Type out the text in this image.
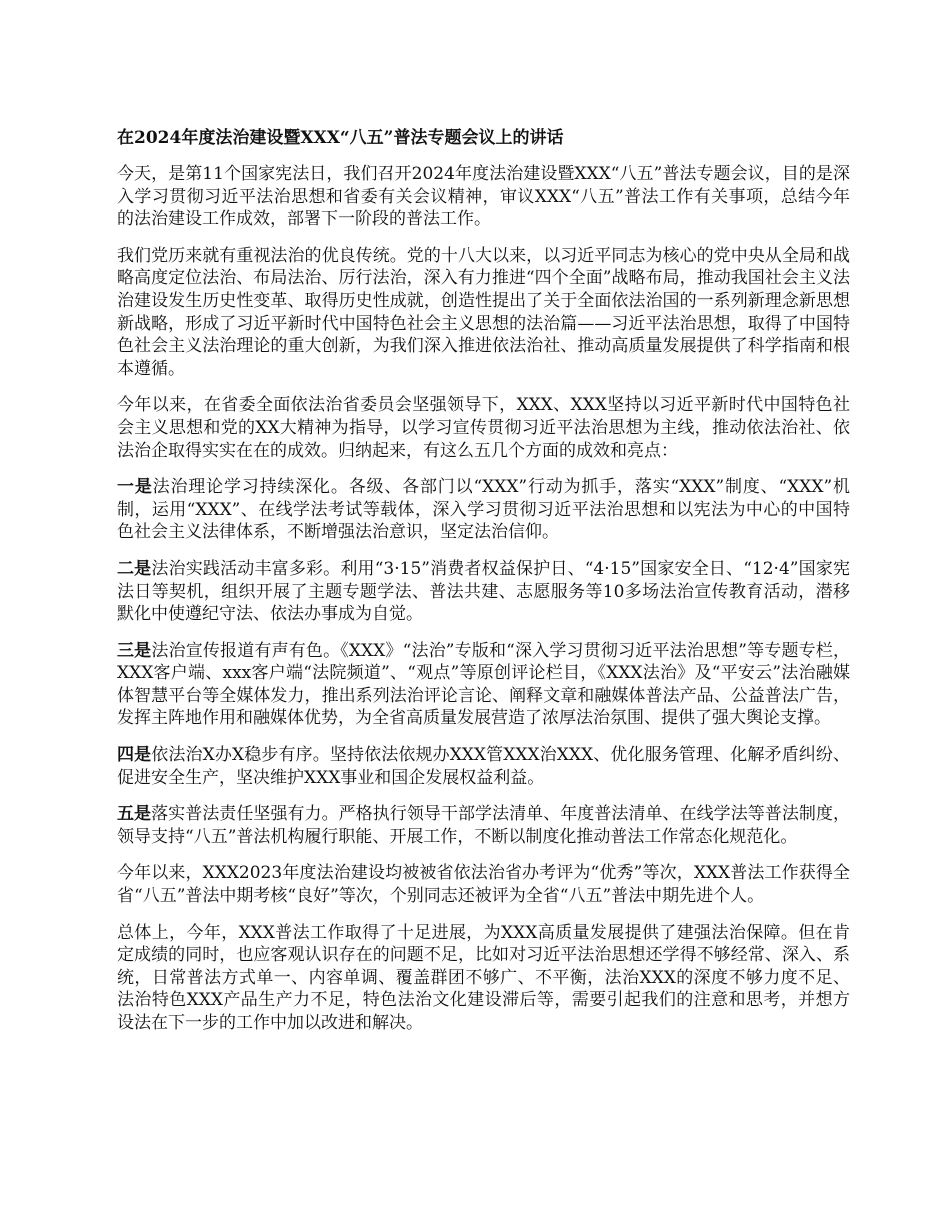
在2024年度法治建设暨XXX“八五”普法专题会议上的讲话

今天，是第11个国家宪法日，我们召开2024年度法治建设暨XXX“八五”普法专题会议，目的是深入学习贯彻习近平法治思想和省委有关会议精神，审议XXX“八五”普法工作有关事项，总结今年的法治建设工作成效，部署下一阶段的普法工作。

我们党历来就有重视法治的优良传统。党的十八大以来，以习近平同志为核心的党中央从全局和战略高度定位法治、布局法治、厉行法治，深入有力推进“四个全面”战略布局，推动我国社会主义法治建设发生历史性变革、取得历史性成就，创造性提出了关于全面依法治国的一系列新理念新思想新战略，形成了习近平新时代中国特色社会主义思想的法治篇——习近平法治思想，取得了中国特色社会主义法治理论的重大创新，为我们深入推进依法治社、推动高质量发展提供了科学指南和根本遵循。

今年以来，在省委全面依法治省委员会坚强领导下，XXX、XXX坚持以习近平新时代中国特色社会主义思想和党的XX大精神为指导，以学习宣传贯彻习近平法治思想为主线，推动依法治社、依法治企取得实实在在的成效。归纳起来，有这么五几个方面的成效和亮点：

一是法治理论学习持续深化。各级、各部门以“XXX”行动为抓手，落实“XXX”制度、“XXX”机制，运用“XXX”、在线学法考试等载体，深入学习贯彻习近平法治思想和以宪法为中心的中国特色社会主义法律体系，不断增强法治意识，坚定法治信仰。

二是法治实践活动丰富多彩。利用“3·15”消费者权益保护日、“4·15”国家安全日、“12·4”国家宪法日等契机，组织开展了主题专题学法、普法共建、志愿服务等10多场法治宣传教育活动，潜移默化中使遵纪守法、依法办事成为自觉。

三是法治宣传报道有声有色。《XXX》“法治”专版和“深入学习贯彻习近平法治思想”等专题专栏，XXX客户端、xxx客户端“法院频道”、“观点”等原创评论栏目，《XXX法治》及“平安云”法治融媒体智慧平台等全媒体发力，推出系列法治评论言论、阐释文章和融媒体普法产品、公益普法广告，发挥主阵地作用和融媒体优势，为全省高质量发展营造了浓厚法治氛围、提供了强大舆论支撑。

四是依法治X办X稳步有序。坚持依法依规办XXX管XXX治XXX、优化服务管理、化解矛盾纠纷、促进安全生产，坚决维护XXX事业和国企发展权益利益。

五是落实普法责任坚强有力。严格执行领导干部学法清单、年度普法清单、在线学法等普法制度，领导支持“八五”普法机构履行职能、开展工作，不断以制度化推动普法工作常态化规范化。

今年以来，XXX2023年度法治建设均被被省依法治省办考评为“优秀”等次，XXX普法工作获得全省“八五”普法中期考核“良好”等次，个别同志还被评为全省“八五”普法中期先进个人。

总体上，今年，XXX普法工作取得了十足进展，为XXX高质量发展提供了建强法治保障。但在肯定成绩的同时，也应客观认识存在的问题不足，比如对习近平法治思想还学得不够经常、深入、系统，日常普法方式单一、内容单调、覆盖群团不够广、不平衡，法治XXX的深度不够力度不足、法治特色XXX产品生产力不足，特色法治文化建设滞后等，需要引起我们的注意和思考，并想方设法在下一步的工作中加以改进和解决。
